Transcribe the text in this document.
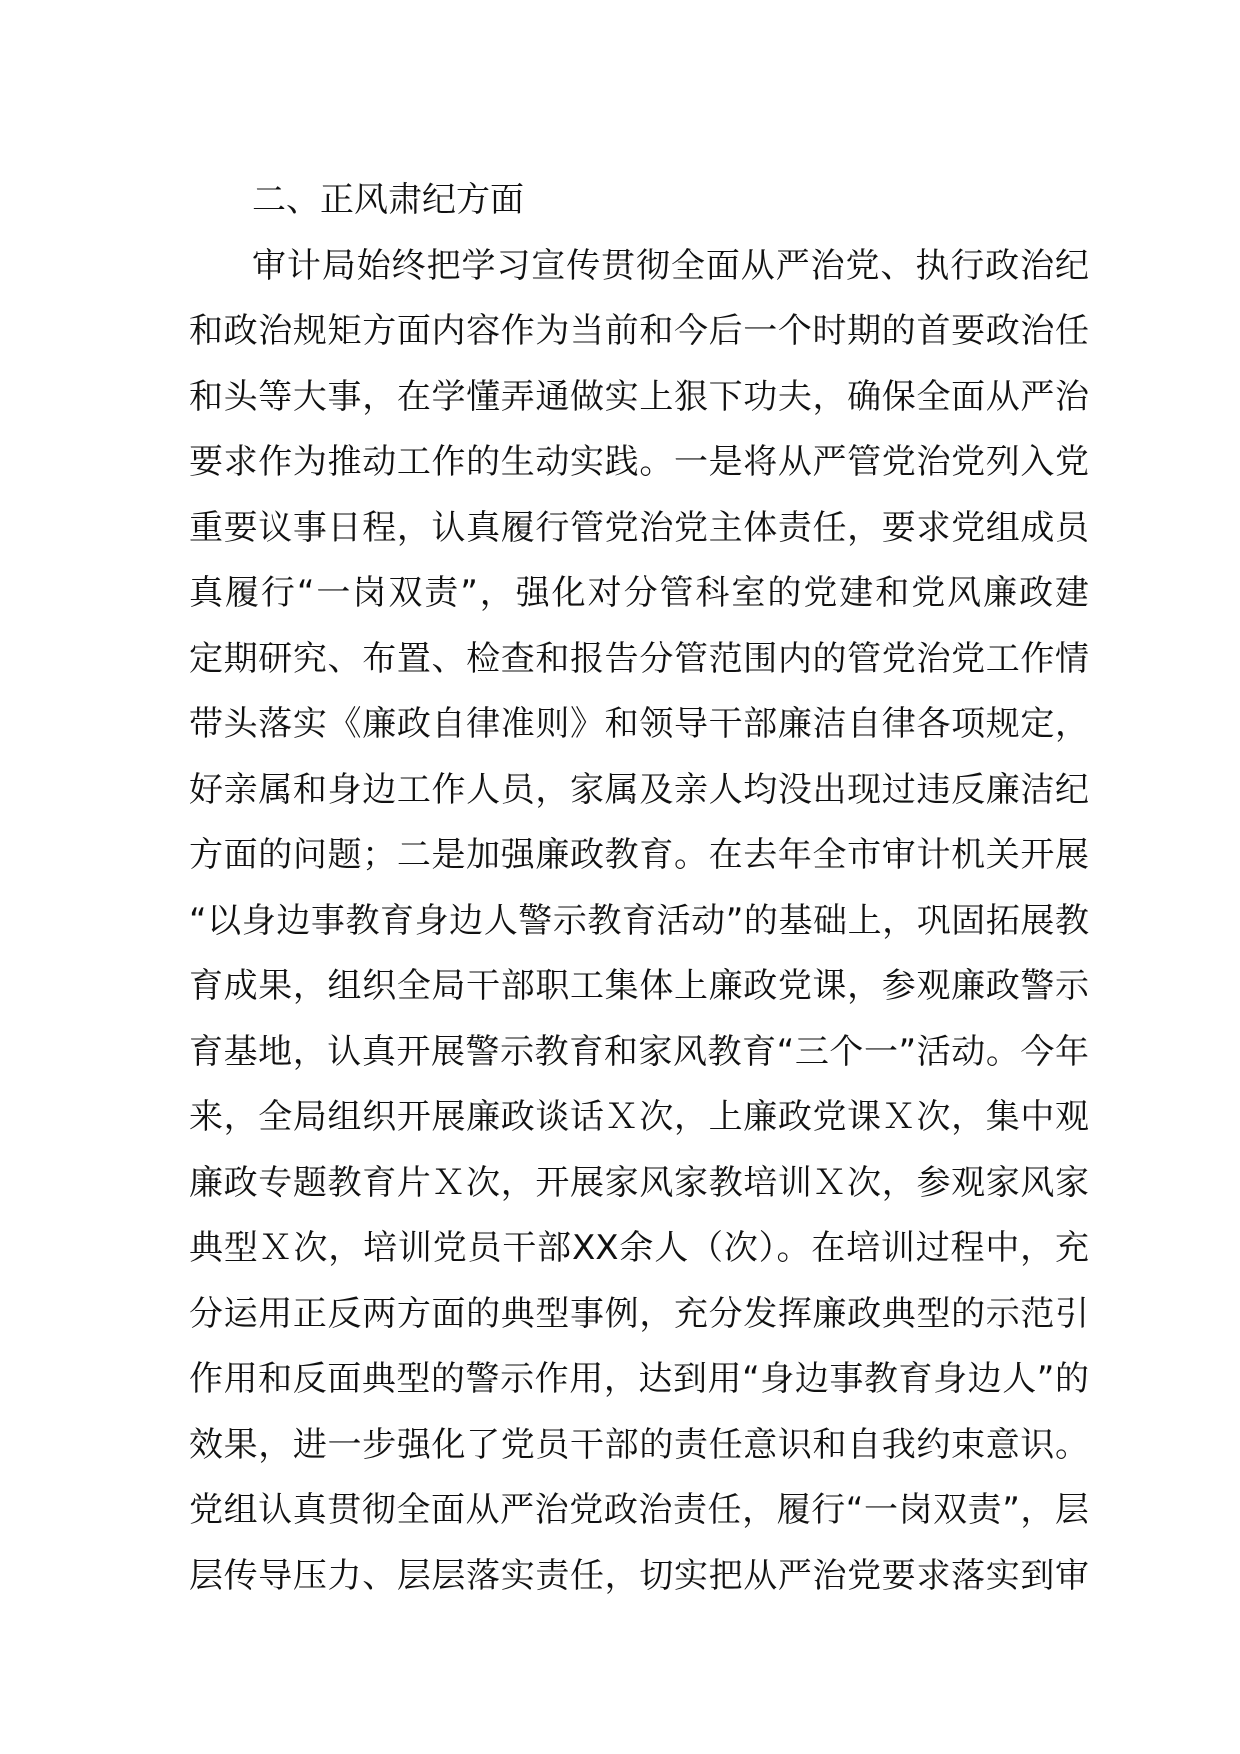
二、正风肃纪方面
审计局始终把学习宣传贯彻全面从严治党、执行政治纪
和政治规矩方面内容作为当前和今后一个时期的首要政治任
和头等大事，在学懂弄通做实上狠下功夫，确保全面从严治
要求作为推动工作的生动实践。一是将从严管党治党列入党
重要议事日程，认真履行管党治党主体责任，要求党组成员
真履行“一岗双责”，强化对分管科室的党建和党风廉政建
定期研究、布置、检查和报告分管范围内的管党治党工作情
带头落实《廉政自律准则》和领导干部廉洁自律各项规定，
好亲属和身边工作人员，家属及亲人均没出现过违反廉洁纪
方面的问题；二是加强廉政教育。在去年全市审计机关开展
“以身边事教育身边人警示教育活动”的基础上，巩固拓展教
育成果，组织全局干部职工集体上廉政党课，参观廉政警示
育基地，认真开展警示教育和家风教育“三个一”活动。今年
来，全局组织开展廉政谈话Ｘ次，上廉政党课Ｘ次，集中观
廉政专题教育片Ｘ次，开展家风家教培训Ｘ次，参观家风家
典型Ｘ次，培训党员干部XX余人（次）。在培训过程中，充
分运用正反两方面的典型事例，充分发挥廉政典型的示范引
作用和反面典型的警示作用，达到用“身边事教育身边人”的
效果，进一步强化了党员干部的责任意识和自我约束意识。
党组认真贯彻全面从严治党政治责任，履行“一岗双责”，层
层传导压力、层层落实责任，切实把从严治党要求落实到审
